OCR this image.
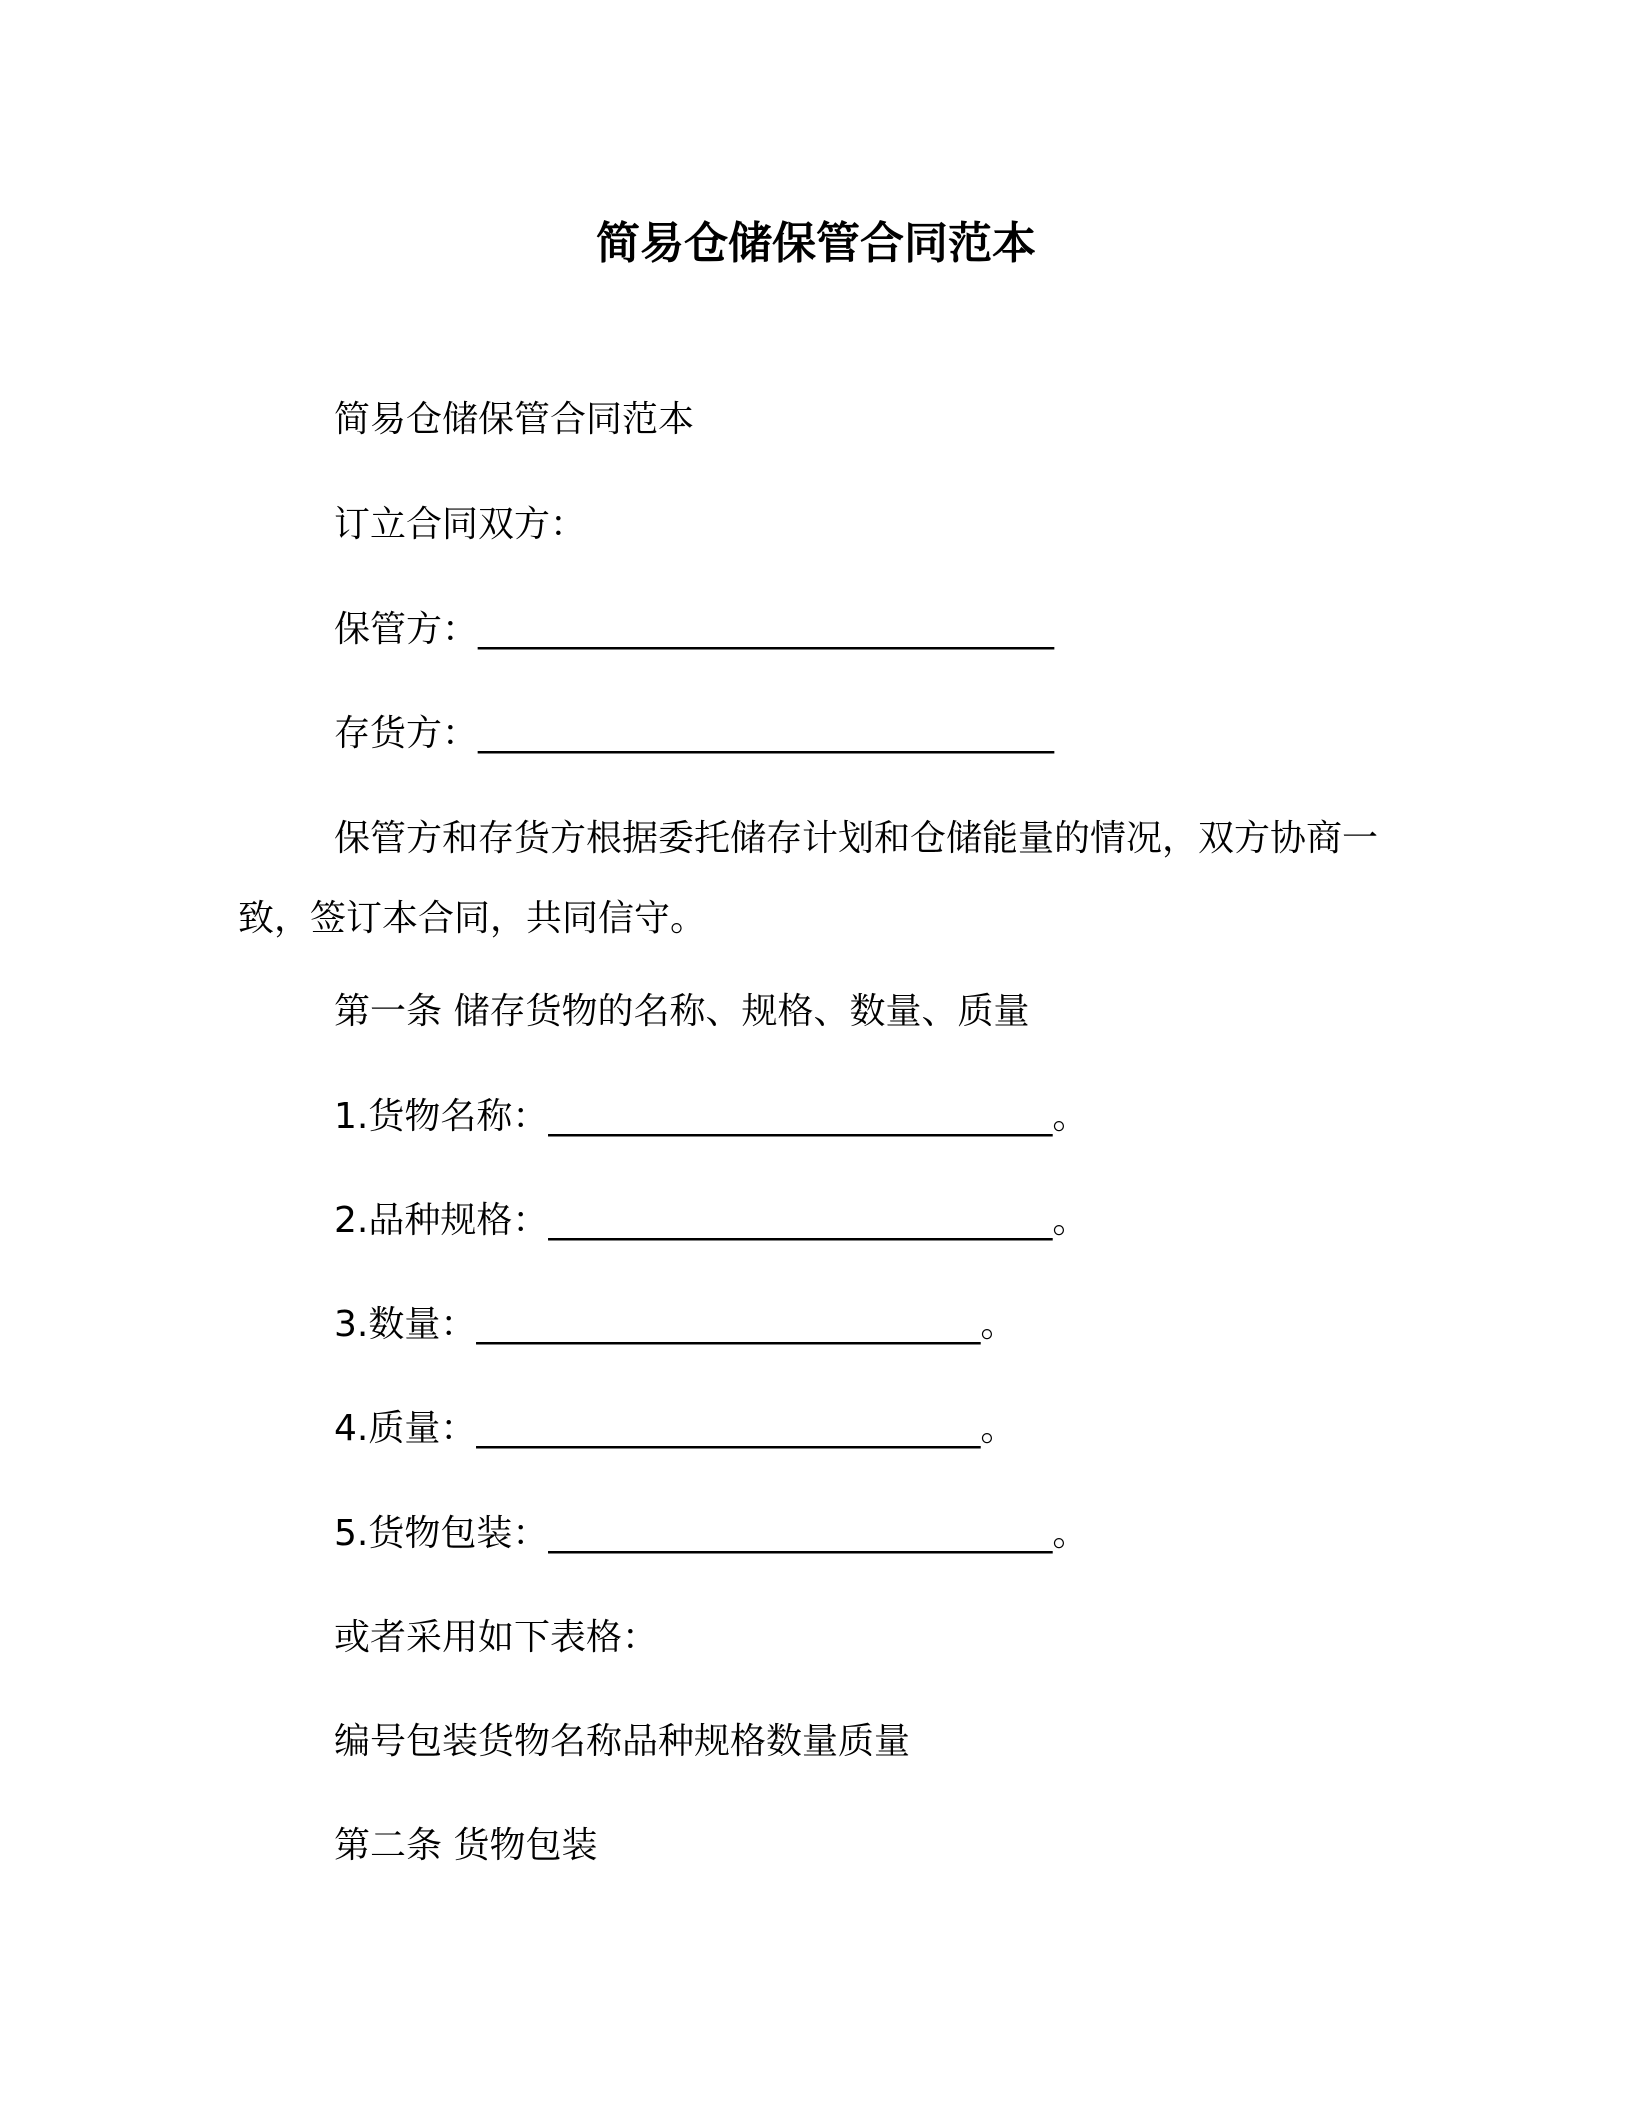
简易仓储保管合同范本
简易仓储保管合同范本
订立合同双方：
保管方：________________________________
存货方：________________________________
保管方和存货方根据委托储存计划和仓储能量的情况，双方协商一致，签订本合同，共同信守。
第一条 储存货物的名称、规格、数量、质量
1.货物名称：____________________________。
2.品种规格：____________________________。
3.数量：____________________________。
4.质量：____________________________。
5.货物包装：____________________________。
或者采用如下表格：
编号包装货物名称品种规格数量质量
第二条 货物包装
